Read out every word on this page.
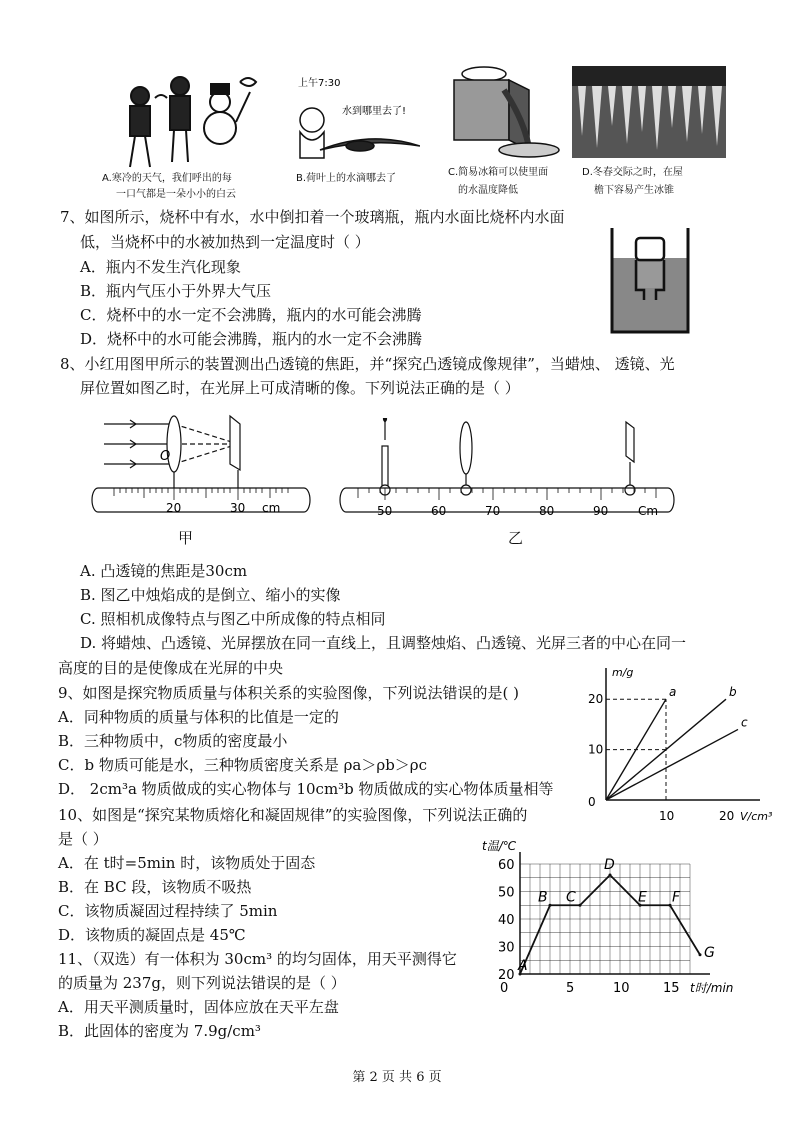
A.寒冷的天气，我们呼出的每
一口气都是一朵小小的白云
上午7:30
水到哪里去了!
B.荷叶上的水滴哪去了
C.简易冰箱可以使里面
的水温度降低
D.冬春交际之时，在屋
檐下容易产生冰锥
7、如图所示，烧杯中有水，水中倒扣着一个玻璃瓶，瓶内水面比烧杯内水面
低，当烧杯中的水被加热到一定温度时（ ）
A．瓶内不发生汽化现象
B．瓶内气压小于外界大气压
C．烧杯中的水一定不会沸腾，瓶内的水可能会沸腾
D．烧杯中的水可能会沸腾，瓶内的水一定不会沸腾
8、小红用图甲所示的装置测出凸透镜的焦距，并“探究凸透镜成像规律”，当蜡烛、 透镜、光
屏位置如图乙时，在光屏上可成清晰的像。下列说法正确的是（ ）
O
20	30 cm
甲
50	60	70	80	90 Cm
乙
A. 凸透镜的焦距是30cm
B. 图乙中烛焰成的是倒立、缩小的实像
C. 照相机成像特点与图乙中所成像的特点相同
D. 将蜡烛、凸透镜、光屏摆放在同一直线上，且调整烛焰、凸透镜、光屏三者的中心在同一
高度的目的是使像成在光屏的中央
9、如图是探究物质质量与体积关系的实验图像，下列说法错误的是( )
A．同种物质的质量与体积的比值是一定的
B．三种物质中，c物质的密度最小
C．b 物质可能是水，三种物质密度关系是 ρa＞ρb＞ρc
D． 2cm³a 物质做成的实心物体与 10cm³b 物质做成的实心物体质量相等
0
10	20 V/cm³
10
20
m/g
a	b
c
10、如图是“探究某物质熔化和凝固规律”的实验图像，下列说法正确的
是（ ）
A．在 t时=5min 时，该物质处于固态
B．在 BC 段，该物质不吸热
C．该物质凝固过程持续了 5min
D．该物质的凝固点是 45℃
20
30
40
50
60
5	10	15
0
t温/℃
t时/min
A
B C
D
E F
G
11、（双选）有一体积为 30cm³ 的均匀固体，用天平测得它
的质量为 237g，则下列说法错误的是（ ）
A．用天平测质量时，固体应放在天平左盘
B．此固体的密度为 7.9g/cm³
第 2 页 共 6 页
